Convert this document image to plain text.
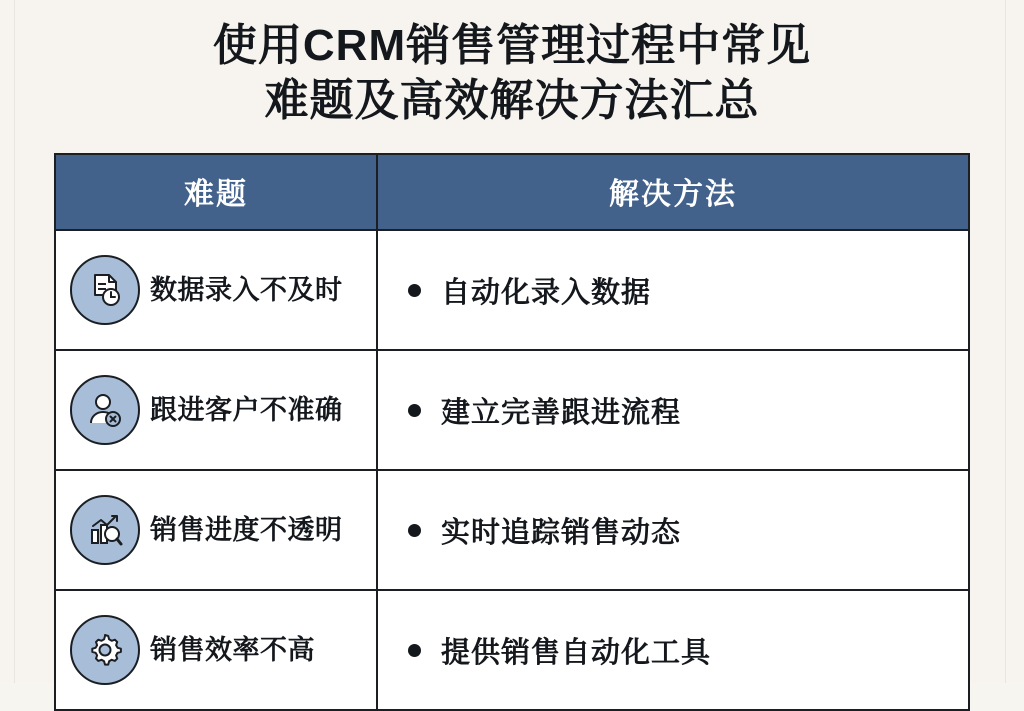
使用CRM销售管理过程中常见
难题及高效解决方法汇总
难题	解决方法
数据录入不及时	自动化录入数据
跟进客户不准确	建立完善跟进流程
销售进度不透明	实时追踪销售动态
销售效率不高	提供销售自动化工具
